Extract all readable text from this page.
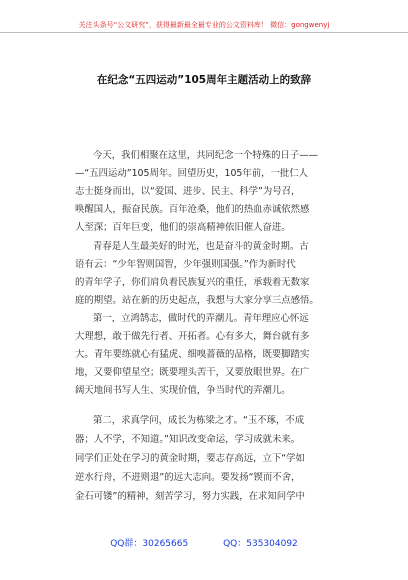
关注头条号“公文研究”，获得最新最全最专业的公文资料库！ 微信：gongwenyj
在纪念“五四运动”105周年主题活动上的致辞
今天，我们相聚在这里，共同纪念一个特殊的日子——
—“五四运动”105周年。回望历史，105年前，一批仁人
志士挺身而出，以“爱国、进步、民主、科学”为号召，
唤醒国人，振奋民族。百年沧桑，他们的热血赤诚依然感
人至深；百年巨变，他们的崇高精神依旧催人奋进。
青春是人生最美好的时光，也是奋斗的黄金时期。古
语有云：“少年智则国智，少年强则国强。”作为新时代
的青年学子，你们肩负着民族复兴的重任，承载着无数家
庭的期望。站在新的历史起点，我想与大家分享三点感悟。
第一，立鸿鹄志，做时代的弄潮儿。青年理应心怀远
大理想，敢于做先行者、开拓者。心有多大，舞台就有多
大。青年要练就心有猛虎、细嗅蔷薇的品格，既要脚踏实
地，又要仰望星空；既要埋头苦干，又要放眼世界。在广
阔天地间书写人生、实现价值，争当时代的弄潮儿。
第二，求真学问，成长为栋梁之才。“玉不琢，不成
器；人不学，不知道。”知识改变命运，学习成就未来。
同学们正处在学习的黄金时期，要志存高远，立下“学如
逆水行舟，不进则退”的远大志向。要发扬“锲而不舍，
金石可镂”的精神，刻苦学习，努力实践，在求知问学中
QQ群：30265665	QQ：535304092
